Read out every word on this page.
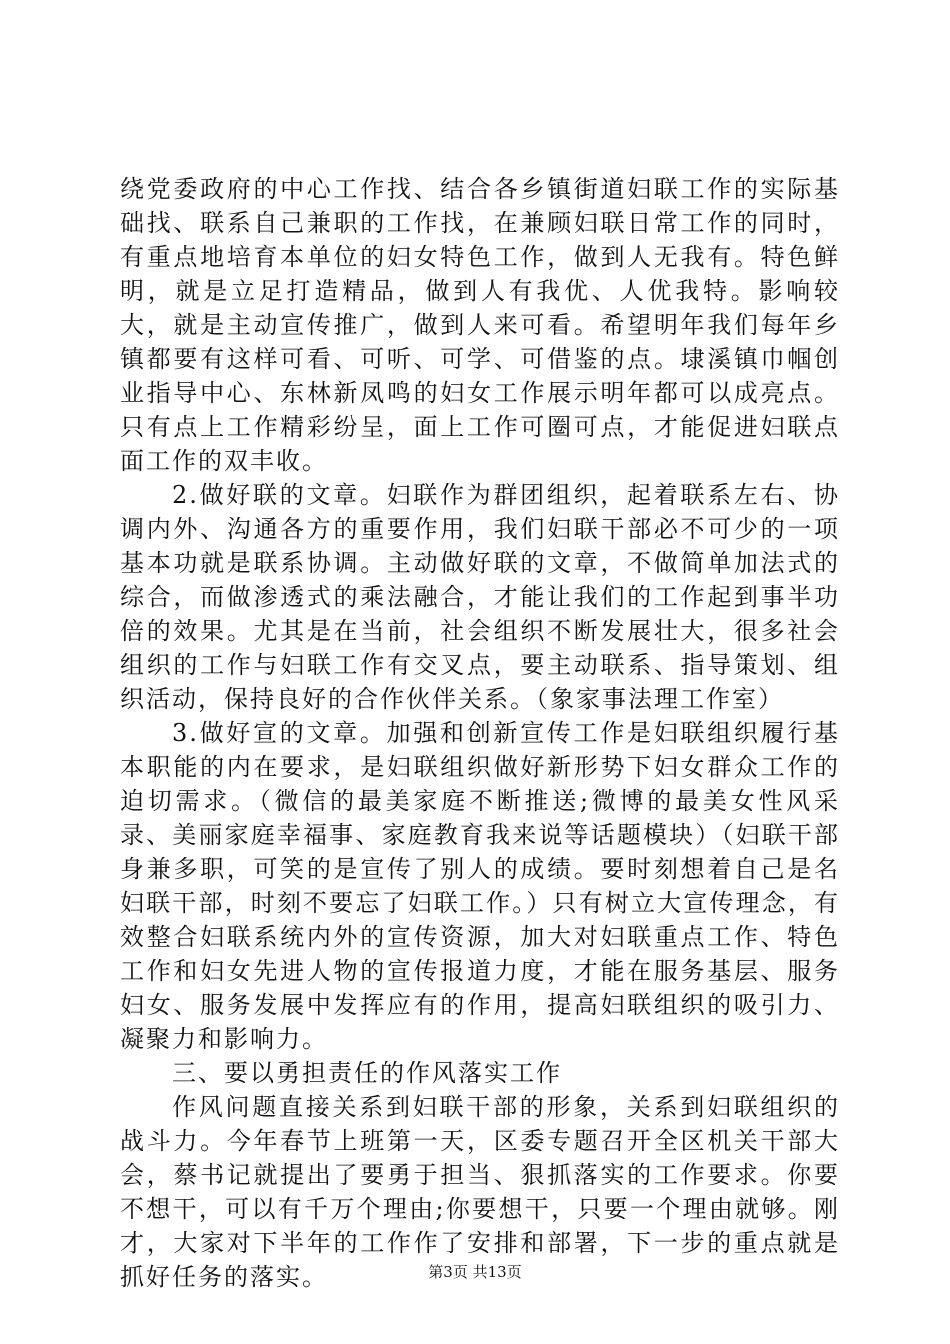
绕党委政府的中心工作找、结合各乡镇街道妇联工作的实际基础找、联系自己兼职的工作找，在兼顾妇联日常工作的同时，有重点地培育本单位的妇女特色工作，做到人无我有。特色鲜明，就是立足打造精品，做到人有我优、人优我特。影响较大，就是主动宣传推广，做到人来可看。希望明年我们每年乡镇都要有这样可看、可听、可学、可借鉴的点。埭溪镇巾帼创业指导中心、东林新凤鸣的妇女工作展示明年都可以成亮点。只有点上工作精彩纷呈，面上工作可圈可点，才能促进妇联点面工作的双丰收。

2.做好联的文章。妇联作为群团组织，起着联系左右、协调内外、沟通各方的重要作用，我们妇联干部必不可少的一项基本功就是联系协调。主动做好联的文章，不做简单加法式的综合，而做渗透式的乘法融合，才能让我们的工作起到事半功倍的效果。尤其是在当前，社会组织不断发展壮大，很多社会组织的工作与妇联工作有交叉点，要主动联系、指导策划、组织活动，保持良好的合作伙伴关系。（象家事法理工作室）

3.做好宣的文章。加强和创新宣传工作是妇联组织履行基本职能的内在要求，是妇联组织做好新形势下妇女群众工作的迫切需求。（微信的最美家庭不断推送;微博的最美女性风采录、美丽家庭幸福事、家庭教育我来说等话题模块）（妇联干部身兼多职，可笑的是宣传了别人的成绩。要时刻想着自己是名妇联干部，时刻不要忘了妇联工作。）只有树立大宣传理念，有效整合妇联系统内外的宣传资源，加大对妇联重点工作、特色工作和妇女先进人物的宣传报道力度，才能在服务基层、服务妇女、服务发展中发挥应有的作用，提高妇联组织的吸引力、凝聚力和影响力。

三、要以勇担责任的作风落实工作

作风问题直接关系到妇联干部的形象，关系到妇联组织的战斗力。今年春节上班第一天，区委专题召开全区机关干部大会，蔡书记就提出了要勇于担当、狠抓落实的工作要求。你要不想干，可以有千万个理由;你要想干，只要一个理由就够。刚才，大家对下半年的工作作了安排和部署，下一步的重点就是抓好任务的落实。	第3页 共13页
